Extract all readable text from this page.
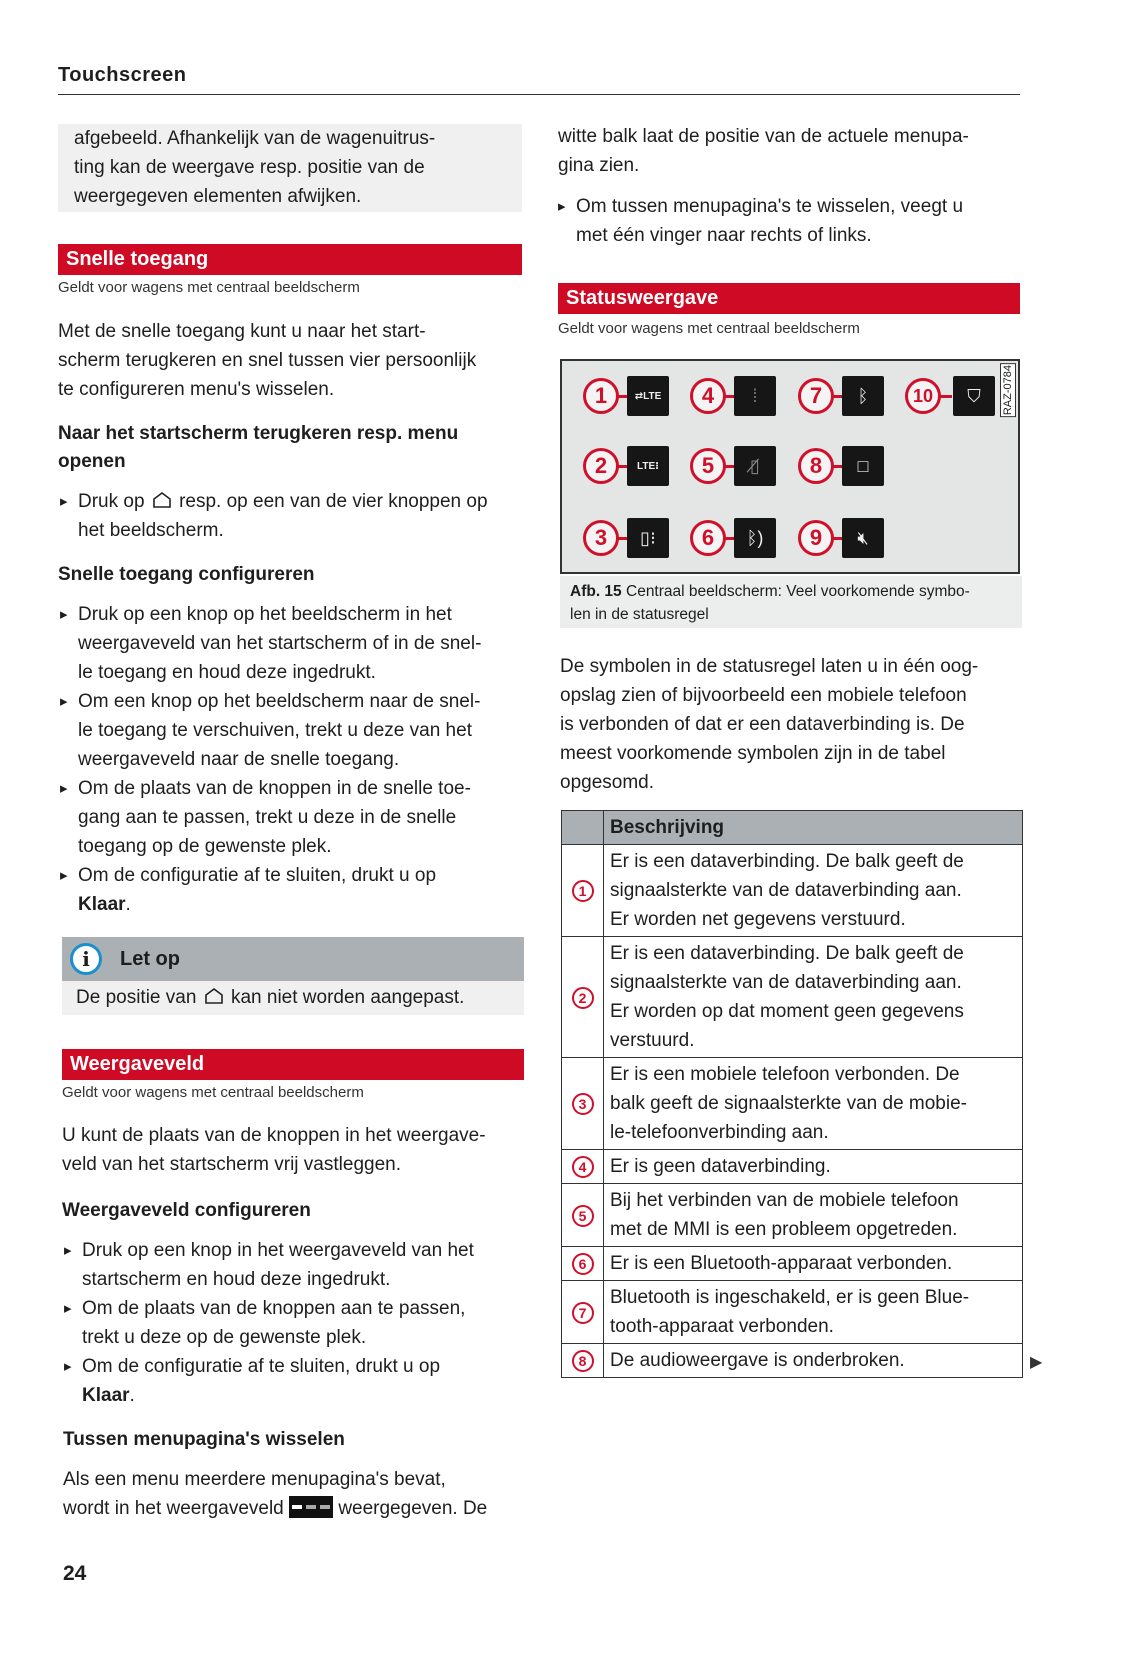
Touchscreen
afgebeeld. Afhankelijk van de wagenuitrus-
ting kan de weergave resp. positie van de
weergegeven elementen afwijken.
Snelle toegang
Geldt voor wagens met centraal beeldscherm
Met de snelle toegang kunt u naar het start-
scherm terugkeren en snel tussen vier persoonlijk
te configureren menu's wisselen.
Naar het startscherm terugkeren resp. menu
openen
▸ Druk op resp. op een van de vier knoppen op
het beeldscherm.
Snelle toegang configureren
▸ Druk op een knop op het beeldscherm in het
weergaveveld van het startscherm of in de snel-
le toegang en houd deze ingedrukt.
▸ Om een knop op het beeldscherm naar de snel-
le toegang te verschuiven, trekt u deze van het
weergaveveld naar de snelle toegang.
▸ Om de plaats van de knoppen in de snelle toe-
gang aan te passen, trekt u deze in de snelle
toegang op de gewenste plek.
▸ Om de configuratie af te sluiten, drukt u op
Klaar.
i	Let op
De positie van kan niet worden aangepast.
Weergaveveld
Geldt voor wagens met centraal beeldscherm
U kunt de plaats van de knoppen in het weergave-
veld van het startscherm vrij vastleggen.
Weergaveveld configureren
▸ Druk op een knop in het weergaveveld van het
startscherm en houd deze ingedrukt.
▸ Om de plaats van de knoppen aan te passen,
trekt u deze op de gewenste plek.
▸ Om de configuratie af te sluiten, drukt u op
Klaar.
Tussen menupagina's wisselen
Als een menu meerdere menupagina's bevat,
wordt in het weergaveveld	weergegeven. De
24
witte balk laat de positie van de actuele menupa-
gina zien.
▸ Om tussen menupagina's te wisselen, veegt u
met één vinger naar rechts of links.
Statusweergave
Geldt voor wagens met centraal beeldscherm
RAZ-0784
1	⇄LTE
2	LTE⁝
3	▯⁝
4	⁞
5	▯̸
6	ᛒ)
7	ᛒ
8	□
9	🔇︎
10	⛉
Afb. 15 Centraal beeldscherm: Veel voorkomende symbo-
len in de statusregel
De symbolen in de statusregel laten u in één oog-
opslag zien of bijvoorbeeld een mobiele telefoon
is verbonden of dat er een dataverbinding is. De
meest voorkomende symbolen zijn in de tabel
opgesomd.
	Beschrijving
1	Er is een dataverbinding. De balk geeft de
signaalsterkte van de dataverbinding aan.
Er worden net gegevens verstuurd.

2	Er is een dataverbinding. De balk geeft de
signaalsterkte van de dataverbinding aan.
Er worden op dat moment geen gegevens
verstuurd.

3	Er is een mobiele telefoon verbonden. De
balk geeft de signaalsterkte van de mobie-
le-telefoonverbinding aan.

4	Er is geen dataverbinding.

5	Bij het verbinden van de mobiele telefoon
met de MMI is een probleem opgetreden.

6	Er is een Bluetooth-apparaat verbonden.

7	Bluetooth is ingeschakeld, er is geen Blue-
tooth-apparaat verbonden.

8	De audioweergave is onderbroken.	▶
